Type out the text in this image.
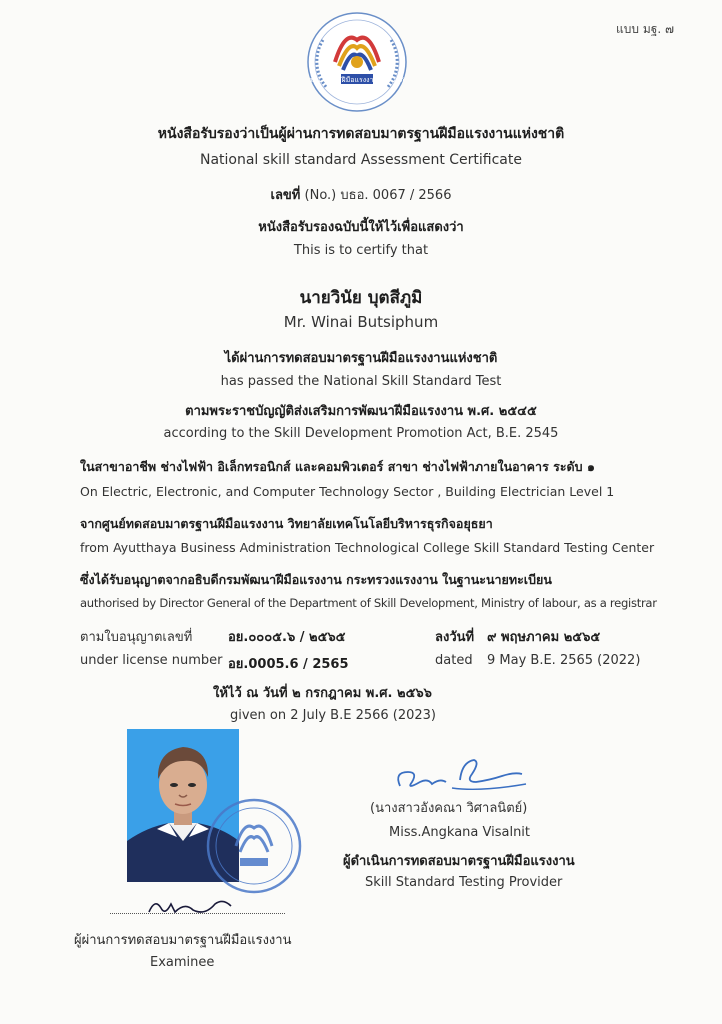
แบบ มฐ. ๗
มาตรฐาน ฝีมือแรงงานแห่งชาติ
หนังสือรับรองว่าเป็นผู้ผ่านการทดสอบมาตรฐานฝีมือแรงงานแห่งชาติ
National skill standard Assessment Certificate
เลขที่ (No.) บธอ. 0067 / 2566
หนังสือรับรองฉบับนี้ให้ไว้เพื่อแสดงว่า
This is to certify that
นายวินัย บุตสีภูมิ
Mr. Winai Butsiphum
ได้ผ่านการทดสอบมาตรฐานฝีมือแรงงานแห่งชาติ
has passed the National Skill Standard Test
ตามพระราชบัญญัติส่งเสริมการพัฒนาฝีมือแรงงาน พ.ศ. ๒๕๔๕
according to the Skill Development Promotion Act, B.E. 2545
ในสาขาอาชีพ ช่างไฟฟ้า อิเล็กทรอนิกส์ และคอมพิวเตอร์ สาขา ช่างไฟฟ้าภายในอาคาร ระดับ ๑
On Electric, Electronic, and Computer Technology Sector , Building Electrician Level 1
จากศูนย์ทดสอบมาตรฐานฝีมือแรงงาน วิทยาลัยเทคโนโลยีบริหารธุรกิจอยุธยา
from Ayutthaya Business Administration Technological College Skill Standard Testing Center
ซึ่งได้รับอนุญาตจากอธิบดีกรมพัฒนาฝีมือแรงงาน กระทรวงแรงงาน ในฐานะนายทะเบียน
authorised by Director General of the Department of Skill Development, Ministry of labour, as a registrar
ตามใบอนุญาตเลขที่	อย.๐๐๐๕.๖ / ๒๕๖๕	ลงวันที่ ๙ พฤษภาคม ๒๕๖๕
under license number อย.0005.6 / 2565	dated 9 May B.E. 2565 (2022)
ให้ไว้ ณ วันที่ ๒ กรกฎาคม พ.ศ. ๒๕๖๖
given on 2 July B.E 2566 (2023)
ผู้ผ่านการทดสอบมาตรฐานฝีมือแรงงาน
Examinee
(นางสาวอังคณา วิศาลนิตย์)
Miss.Angkana Visalnit
ผู้ดำเนินการทดสอบมาตรฐานฝีมือแรงงาน
Skill Standard Testing Provider
